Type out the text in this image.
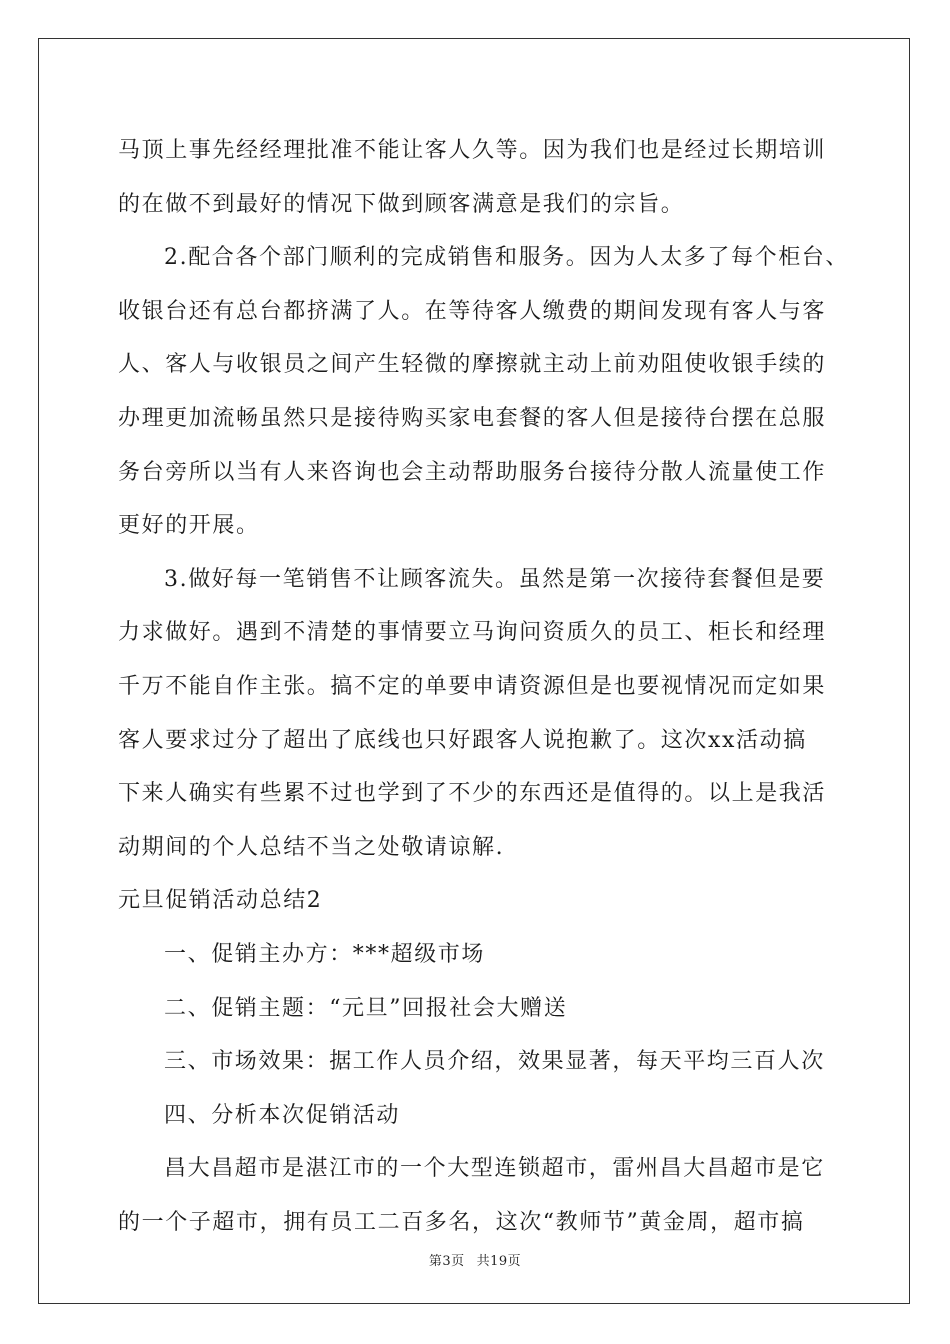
马顶上事先经经理批准不能让客人久等。因为我们也是经过长期培训
的在做不到最好的情况下做到顾客满意是我们的宗旨。
2.配合各个部门顺利的完成销售和服务。因为人太多了每个柜台、
收银台还有总台都挤满了人。在等待客人缴费的期间发现有客人与客
人、客人与收银员之间产生轻微的摩擦就主动上前劝阻使收银手续的
办理更加流畅虽然只是接待购买家电套餐的客人但是接待台摆在总服
务台旁所以当有人来咨询也会主动帮助服务台接待分散人流量使工作
更好的开展。
3.做好每一笔销售不让顾客流失。虽然是第一次接待套餐但是要
力求做好。遇到不清楚的事情要立马询问资质久的员工、柜长和经理
千万不能自作主张。搞不定的单要申请资源但是也要视情况而定如果
客人要求过分了超出了底线也只好跟客人说抱歉了。这次xx活动搞
下来人确实有些累不过也学到了不少的东西还是值得的。以上是我活
动期间的个人总结不当之处敬请谅解.
元旦促销活动总结2
一、促销主办方：***超级市场
二、促销主题：“元旦”回报社会大赠送
三、市场效果：据工作人员介绍，效果显著，每天平均三百人次
四、分析本次促销活动
昌大昌超市是湛江市的一个大型连锁超市，雷州昌大昌超市是它
的一个子超市，拥有员工二百多名，这次“教师节”黄金周，超市搞
第3页 共19页
